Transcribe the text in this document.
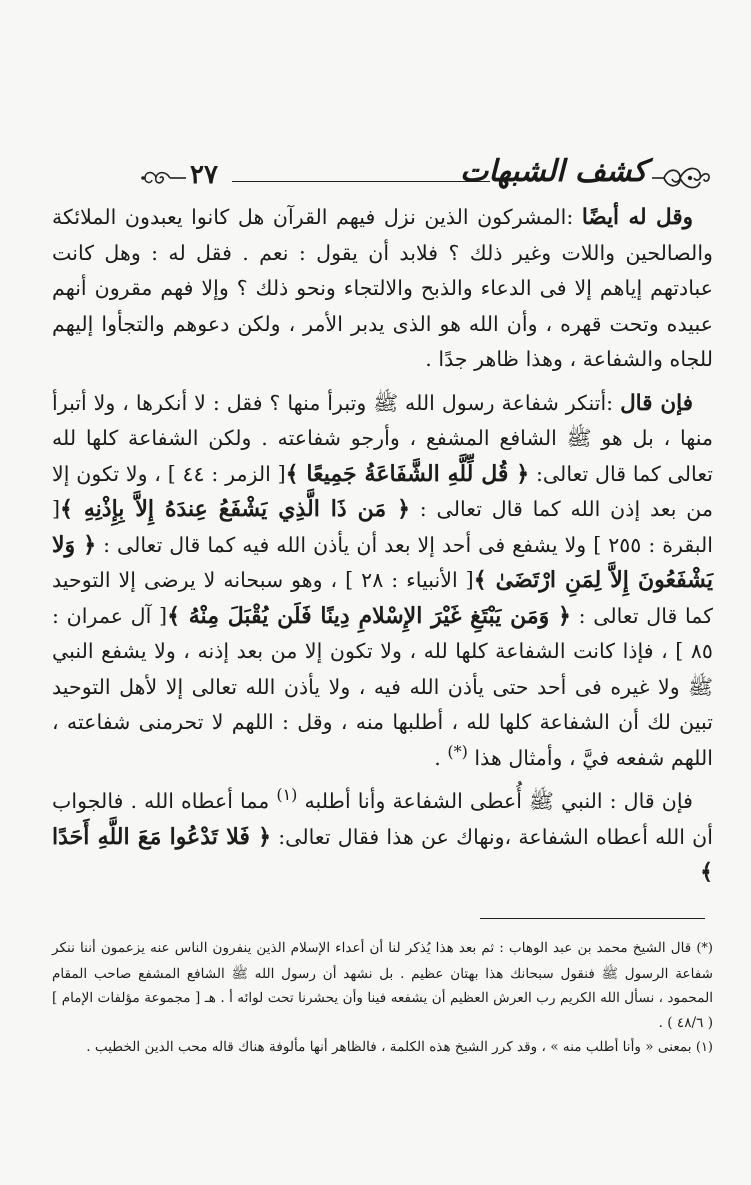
٢٧	كشف الشبهات

وقل له أيضًا :المشركون الذين نزل فيهم القرآن هل كانوا يعبدون الملائكة والصالحين واللات وغير ذلك ؟ فلابد أن يقول : نعم . فقل له : وهل كانت عبادتهم إياهم إلا فى الدعاء والذبح والالتجاء ونحو ذلك ؟ وإلا فهم مقرون أنهم عبيده وتحت قهره ، وأن الله هو الذى يدبر الأمر ، ولكن دعوهم والتجأوا إليهم للجاه والشفاعة ، وهذا ظاهر جدًا .

فإن قال :أتنكر شفاعة رسول الله ﷺ وتبرأ منها ؟ فقل : لا أنكرها ، ولا أتبرأ منها ، بل هو ﷺ الشافع المشفع ، وأرجو شفاعته . ولكن الشفاعة كلها لله تعالى كما قال تعالى: ﴿ قُل لِّلَّهِ الشَّفَاعَةُ جَمِيعًا ﴾[ الزمر : ٤٤ ] ، ولا تكون إلا من بعد إذن الله كما قال تعالى : ﴿ مَن ذَا الَّذِي يَشْفَعُ عِندَهُ إِلاَّ بِإِذْنِهِ ﴾[ البقرة : ٢٥٥ ] ولا يشفع فى أحد إلا بعد أن يأذن الله فيه كما قال تعالى : ﴿ وَلا يَشْفَعُونَ إِلاَّ لِمَنِ ارْتَضَىٰ ﴾[ الأنبياء : ٢٨ ] ، وهو سبحانه لا يرضى إلا التوحيد كما قال تعالى : ﴿ وَمَن يَبْتَغِ غَيْرَ الإِسْلامِ دِينًا فَلَن يُقْبَلَ مِنْهُ ﴾[ آل عمران : ٨٥ ] ، فإذا كانت الشفاعة كلها لله ، ولا تكون إلا من بعد إذنه ، ولا يشفع النبي ﷺ ولا غيره فى أحد حتى يأذن الله فيه ، ولا يأذن الله تعالى إلا لأهل التوحيد تبين لك أن الشفاعة كلها لله ، أطلبها منه ، وقل : اللهم لا تحرمنى شفاعته ، اللهم شفعه فيَّ ، وأمثال هذا (*) .

فإن قال : النبي ﷺ أُعطى الشفاعة وأنا أطلبه $^{(١)}$ مما أعطاه الله . فالجواب أن الله أعطاه الشفاعة ،ونهاك عن هذا فقال تعالى: ﴿ فَلا تَدْعُوا مَعَ اللَّهِ أَحَدًا ﴾

(*) قال الشيخ محمد بن عبد الوهاب : ثم بعد هذا يُذكر لنا أن أعداء الإسلام الذين ينفرون الناس عنه يزعمون أننا ننكر شفاعة الرسول ﷺ فنقول سبحانك هذا بهتان عظيم . بل نشهد أن رسول الله ﷺ الشافع المشفع صاحب المقام المحمود ، نسأل الله الكريم رب العرش العظيم أن يشفعه فينا وأن يحشرنا تحت لوائه أ . هـ [ مجموعة مؤلفات الإمام ] ( ٤٨/٦ ) .

(١) بمعنى « وأنا أطلب منه » ، وقد كرر الشيخ هذه الكلمة ، فالظاهر أنها مألوفة هناك قاله محب الدين الخطيب .
